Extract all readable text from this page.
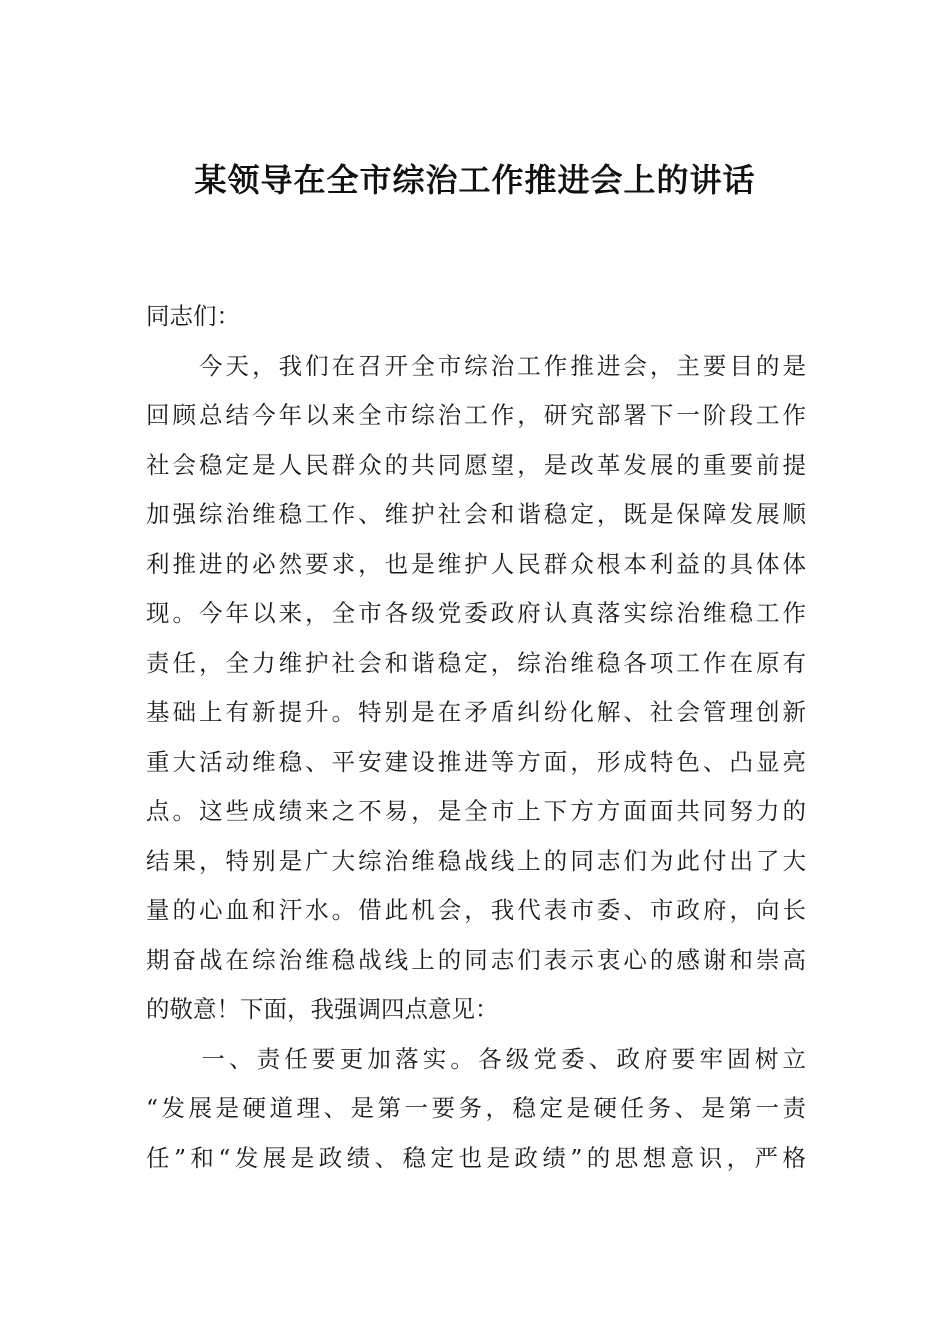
某领导在全市综治工作推进会上的讲话
同志们：
　　今天，我们在召开全市综治工作推进会，主要目的是
回顾总结今年以来全市综治工作，研究部署下一阶段工作
社会稳定是人民群众的共同愿望，是改革发展的重要前提
加强综治维稳工作、维护社会和谐稳定，既是保障发展顺
利推进的必然要求，也是维护人民群众根本利益的具体体
现。今年以来，全市各级党委政府认真落实综治维稳工作
责任，全力维护社会和谐稳定，综治维稳各项工作在原有
基础上有新提升。特别是在矛盾纠纷化解、社会管理创新
重大活动维稳、平安建设推进等方面，形成特色、凸显亮
点。这些成绩来之不易，是全市上下方方面面共同努力的
结果，特别是广大综治维稳战线上的同志们为此付出了大
量的心血和汗水。借此机会，我代表市委、市政府，向长
期奋战在综治维稳战线上的同志们表示衷心的感谢和崇高
的敬意！下面，我强调四点意见：
　　一、责任要更加落实。各级党委、政府要牢固树立
“发展是硬道理、是第一要务，稳定是硬任务、是第一责
任”和“发展是政绩、稳定也是政绩”的思想意识，严格
